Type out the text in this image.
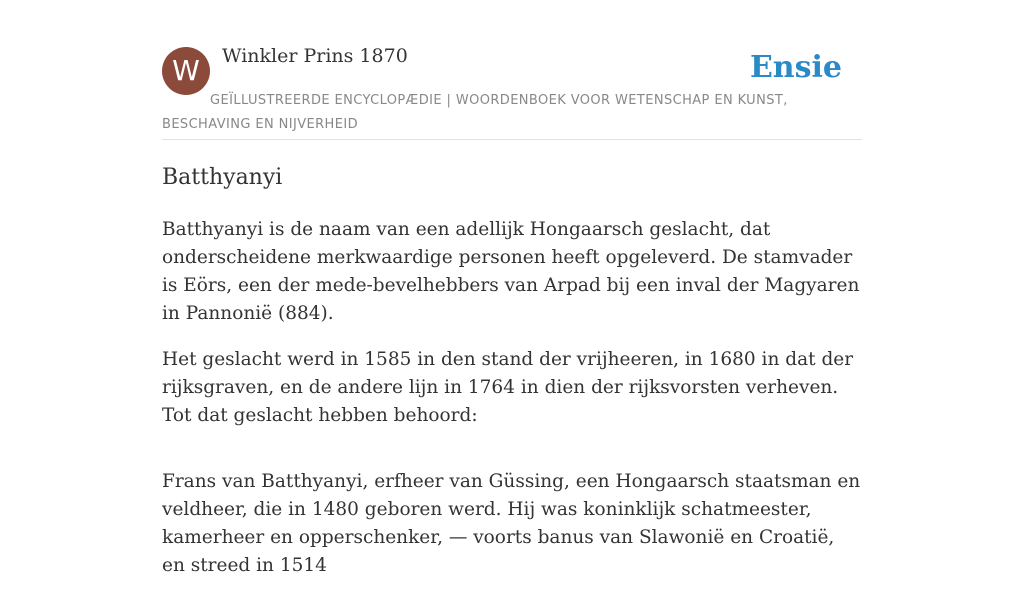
W	Winkler Prins 1870	Ensie
GEÏLLUSTREERDE ENCYCLOPÆDIE | WOORDENBOEK VOOR WETENSCHAP EN KUNST, BESCHAVING EN NIJVERHEID
Batthyanyi

Batthyanyi is de naam van een adellijk Hongaarsch geslacht, dat onderscheidene merkwaardige personen heeft opgeleverd. De stamvader is Eörs, een der mede-bevelhebbers van Arpad bij een inval der Magyaren in Pannonië (884).

Het geslacht werd in 1585 in den stand der vrijheeren, in 1680 in dat der rijksgraven, en de andere lijn in 1764 in dien der rijksvorsten verheven. Tot dat geslacht hebben behoord:

Frans van Batthyanyi, erfheer van Güssing, een Hongaarsch staatsman en veldheer, die in 1480 geboren werd. Hij was koninklijk schatmeester, kamerheer en opperschenker, — voorts banus van Slawonië en Croatië, en streed in 1514
